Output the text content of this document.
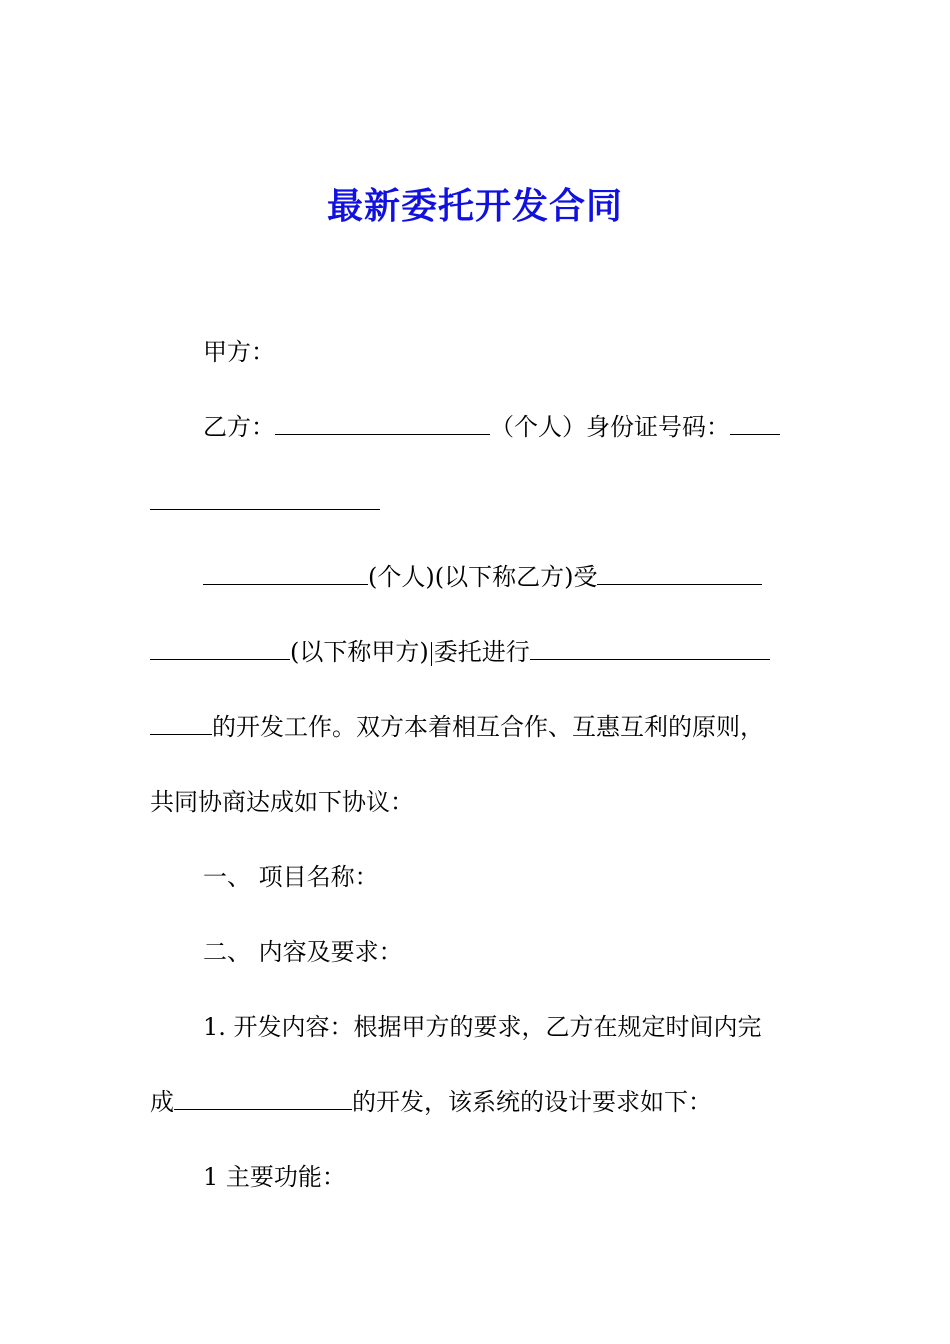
最新委托开发合同
甲方：
乙方：	（个人）身份证号码：
(个人)(以下称乙方)受
(以下称甲方) 委托进行
的开发工作。双方本着相互合作、互惠互利的原则，
共同协商达成如下协议：
一、 项目名称：
二、 内容及要求：
1. 开发内容：根据甲方的要求，乙方在规定时间内完
成	的开发，该系统的设计要求如下：
1 主要功能：
